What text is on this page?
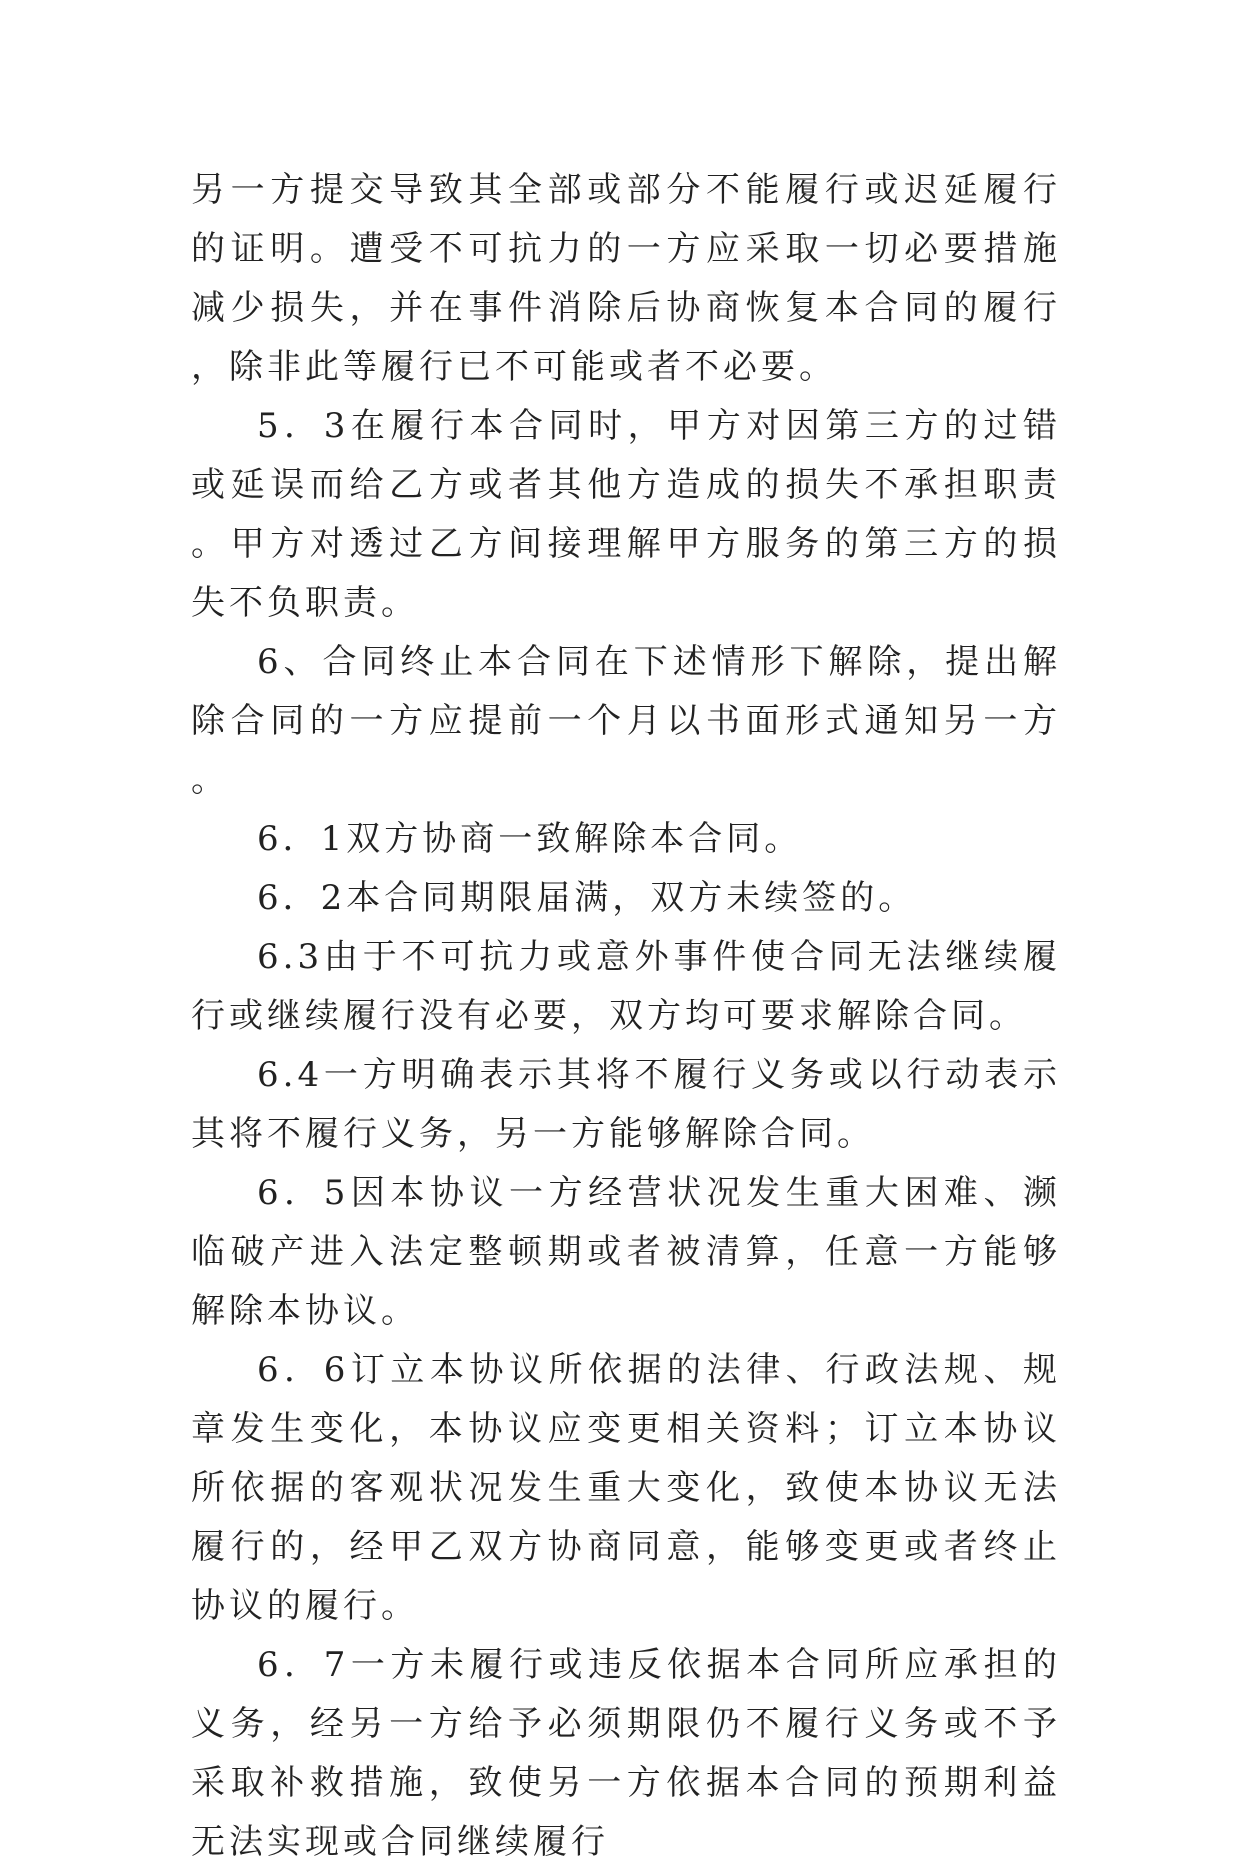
另一方提交导致其全部或部分不能履行或迟延履行的证明。遭受不可抗力的一方应采取一切必要措施减少损失，并在事件消除后协商恢复本合同的履行，除非此等履行已不可能或者不必要。

5．3在履行本合同时，甲方对因第三方的过错或延误而给乙方或者其他方造成的损失不承担职责。甲方对透过乙方间接理解甲方服务的第三方的损失不负职责。

6、合同终止本合同在下述情形下解除，提出解除合同的一方应提前一个月以书面形式通知另一方。

6．1双方协商一致解除本合同。

6．2本合同期限届满，双方未续签的。

6.3由于不可抗力或意外事件使合同无法继续履行或继续履行没有必要，双方均可要求解除合同。

6.4一方明确表示其将不履行义务或以行动表示其将不履行义务，另一方能够解除合同。

6．5因本协议一方经营状况发生重大困难、濒临破产进入法定整顿期或者被清算，任意一方能够解除本协议。

6．6订立本协议所依据的法律、行政法规、规章发生变化，本协议应变更相关资料；订立本协议所依据的客观状况发生重大变化，致使本协议无法履行的，经甲乙双方协商同意，能够变更或者终止协议的履行。

6．7一方未履行或违反依据本合同所应承担的义务，经另一方给予必须期限仍不履行义务或不予采取补救措施，致使另一方依据本合同的预期利益无法实现或合同继续履行
